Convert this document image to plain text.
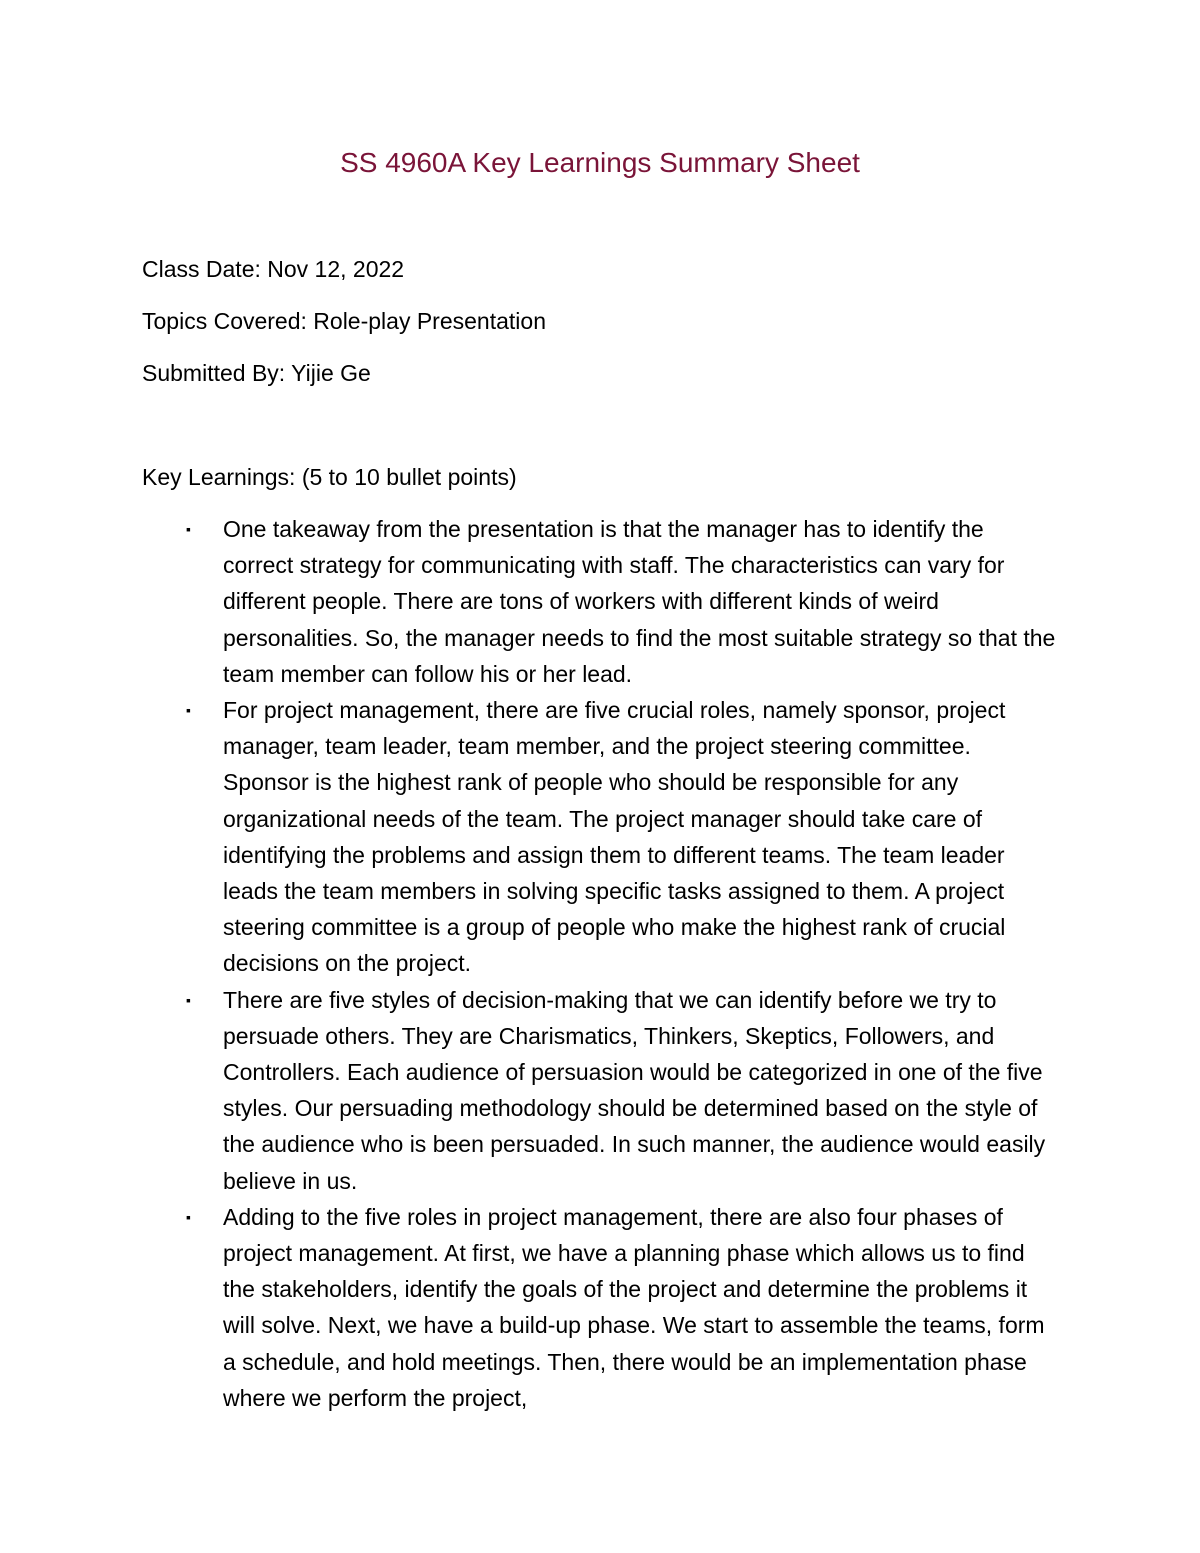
SS 4960A Key Learnings Summary Sheet
Class Date: Nov 12, 2022
Topics Covered: Role-play Presentation
Submitted By: Yijie Ge
Key Learnings: (5 to 10 bullet points)
▪ One takeaway from the presentation is that the manager has to identify the correct strategy for communicating with staff. The characteristics can vary for different people. There are tons of workers with different kinds of weird personalities. So, the manager needs to find the most suitable strategy so that the team member can follow his or her lead.
▪ For project management, there are five crucial roles, namely sponsor, project manager, team leader, team member, and the project steering committee. Sponsor is the highest rank of people who should be responsible for any organizational needs of the team. The project manager should take care of identifying the problems and assign them to different teams. The team leader leads the team members in solving specific tasks assigned to them. A project steering committee is a group of people who make the highest rank of crucial decisions on the project.
▪ There are five styles of decision-making that we can identify before we try to persuade others. They are Charismatics, Thinkers, Skeptics, Followers, and Controllers. Each audience of persuasion would be categorized in one of the five styles. Our persuading methodology should be determined based on the style of the audience who is been persuaded. In such manner, the audience would easily believe in us.
▪ Adding to the five roles in project management, there are also four phases of project management. At first, we have a planning phase which allows us to find the stakeholders, identify the goals of the project and determine the problems it will solve. Next, we have a build-up phase. We start to assemble the teams, form a schedule, and hold meetings. Then, there would be an implementation phase where we perform the project,
